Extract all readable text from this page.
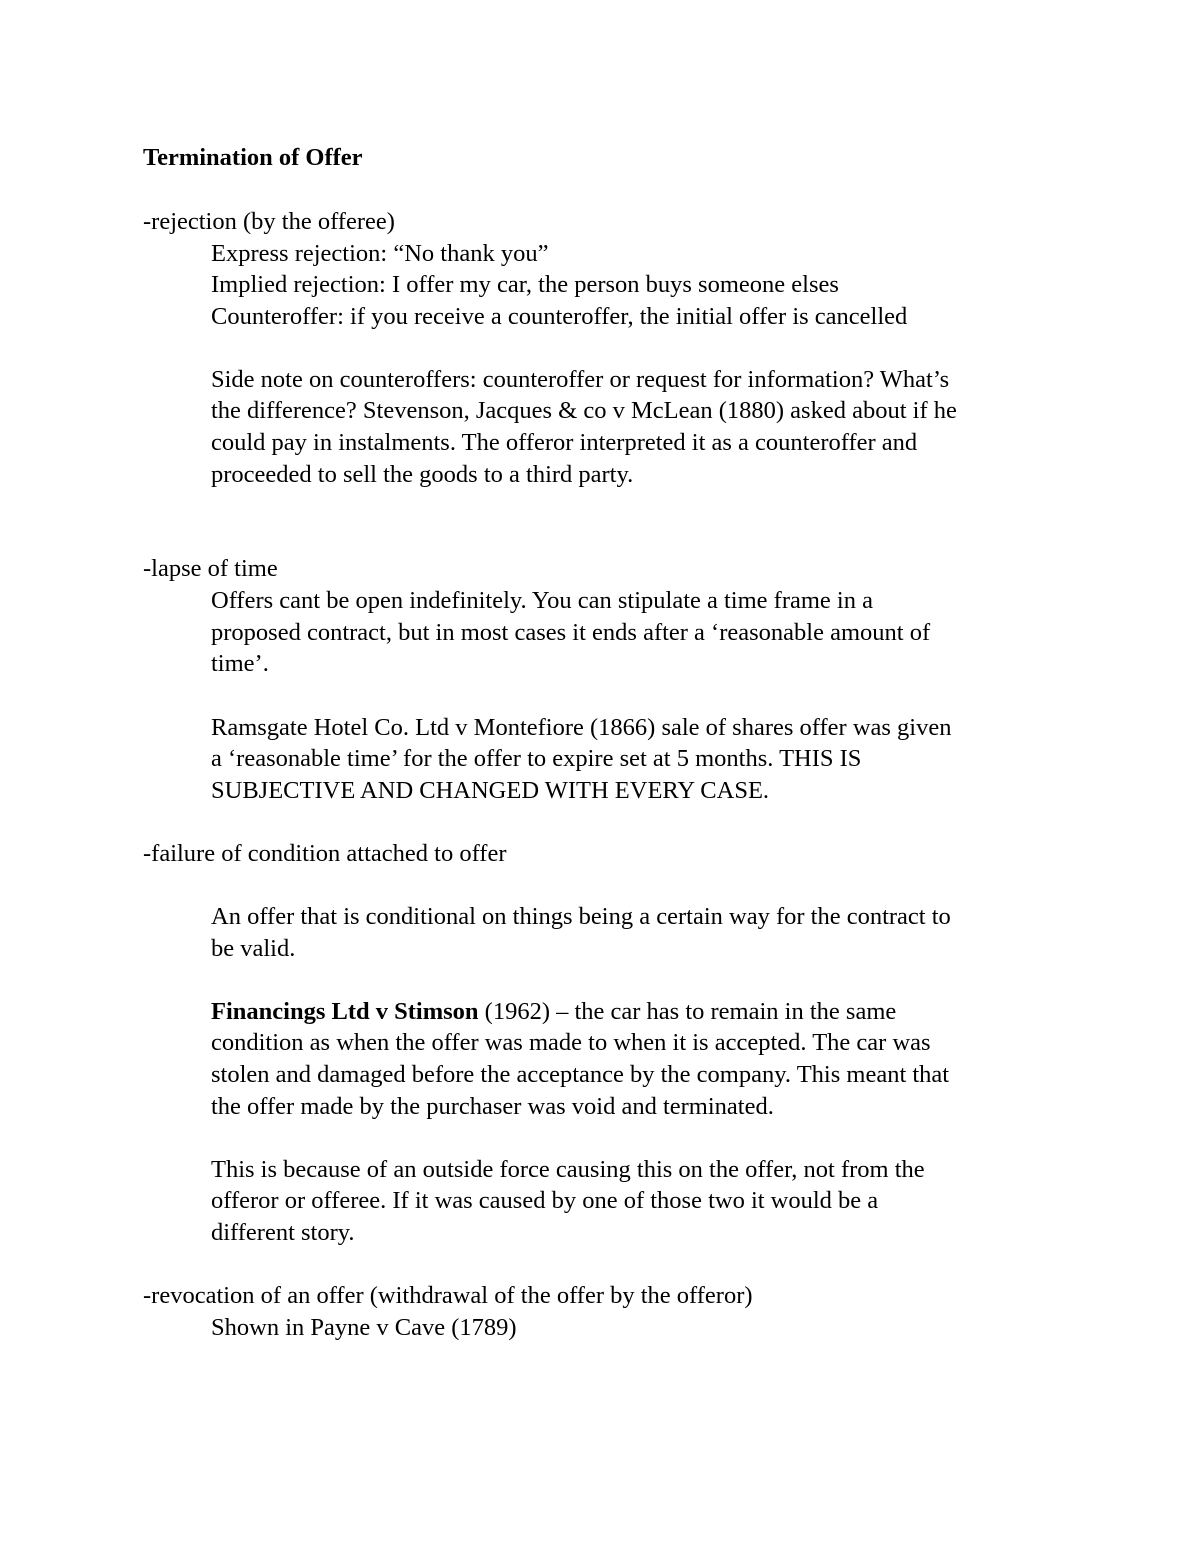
Termination of Offer
-rejection (by the offeree)
Express rejection: “No thank you”
Implied rejection: I offer my car, the person buys someone elses
Counteroffer: if you receive a counteroffer, the initial offer is cancelled
Side note on counteroffers: counteroffer or request for information? What’s
the difference? Stevenson, Jacques & co v McLean (1880) asked about if he
could pay in instalments. The offeror interpreted it as a counteroffer and
proceeded to sell the goods to a third party.
-lapse of time
Offers cant be open indefinitely. You can stipulate a time frame in a
proposed contract, but in most cases it ends after a ‘reasonable amount of
time’.
Ramsgate Hotel Co. Ltd v Montefiore (1866) sale of shares offer was given
a ‘reasonable time’ for the offer to expire set at 5 months. THIS IS
SUBJECTIVE AND CHANGED WITH EVERY CASE.
-failure of condition attached to offer
An offer that is conditional on things being a certain way for the contract to
be valid.
Financings Ltd v Stimson (1962) – the car has to remain in the same
condition as when the offer was made to when it is accepted. The car was
stolen and damaged before the acceptance by the company. This meant that
the offer made by the purchaser was void and terminated.
This is because of an outside force causing this on the offer, not from the
offeror or offeree. If it was caused by one of those two it would be a
different story.
-revocation of an offer (withdrawal of the offer by the offeror)
Shown in Payne v Cave (1789)
